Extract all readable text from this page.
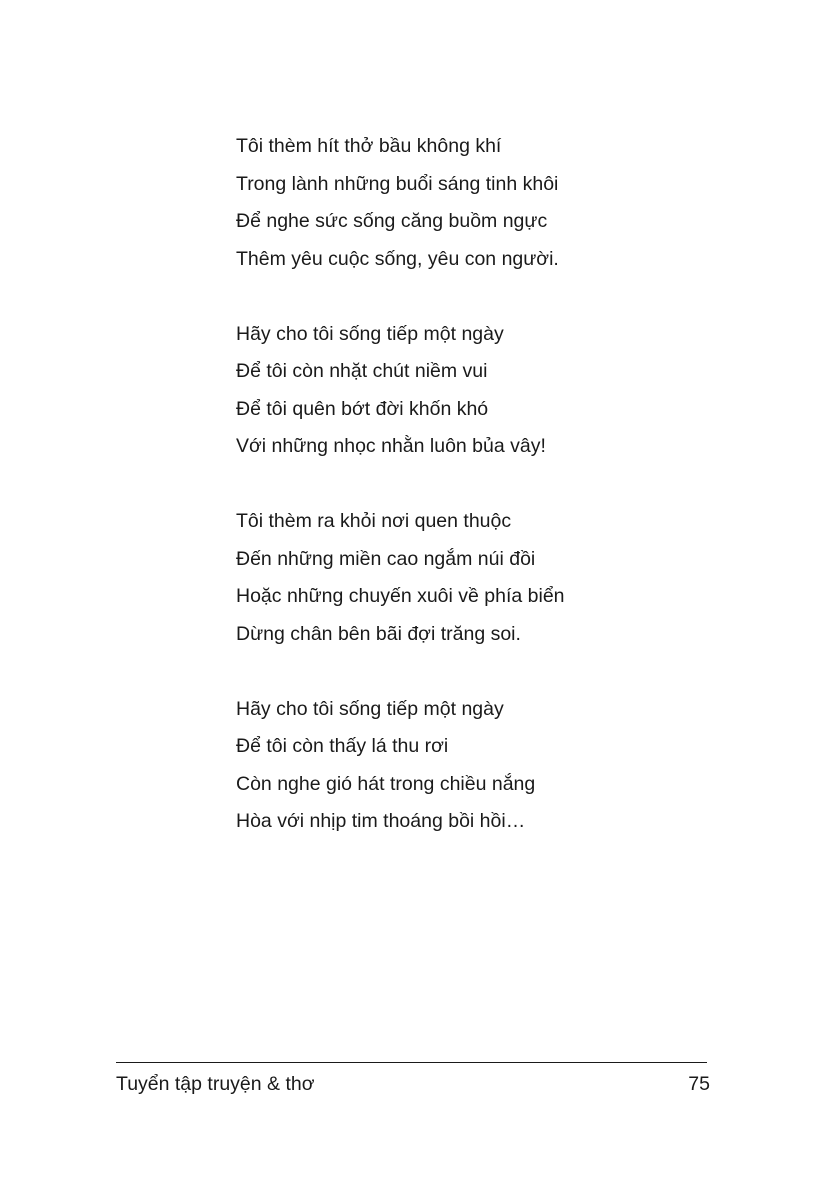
Tôi thèm hít thở bầu không khí
Trong lành những buổi sáng tinh khôi
Để nghe sức sống căng buồm ngực
Thêm yêu cuộc sống, yêu con người.
Hãy cho tôi sống tiếp một ngày
Để tôi còn nhặt chút niềm vui
Để tôi quên bớt đời khốn khó
Với những nhọc nhằn luôn bủa vây!
Tôi thèm ra khỏi nơi quen thuộc
Đến những miền cao ngắm núi đồi
Hoặc những chuyến xuôi về phía biển
Dừng chân bên bãi đợi trăng soi.
Hãy cho tôi sống tiếp một ngày
Để tôi còn thấy lá thu rơi
Còn nghe gió hát trong chiều nắng
Hòa với nhịp tim thoáng bồi hồi…
Tuyển tập truyện & thơ	75
